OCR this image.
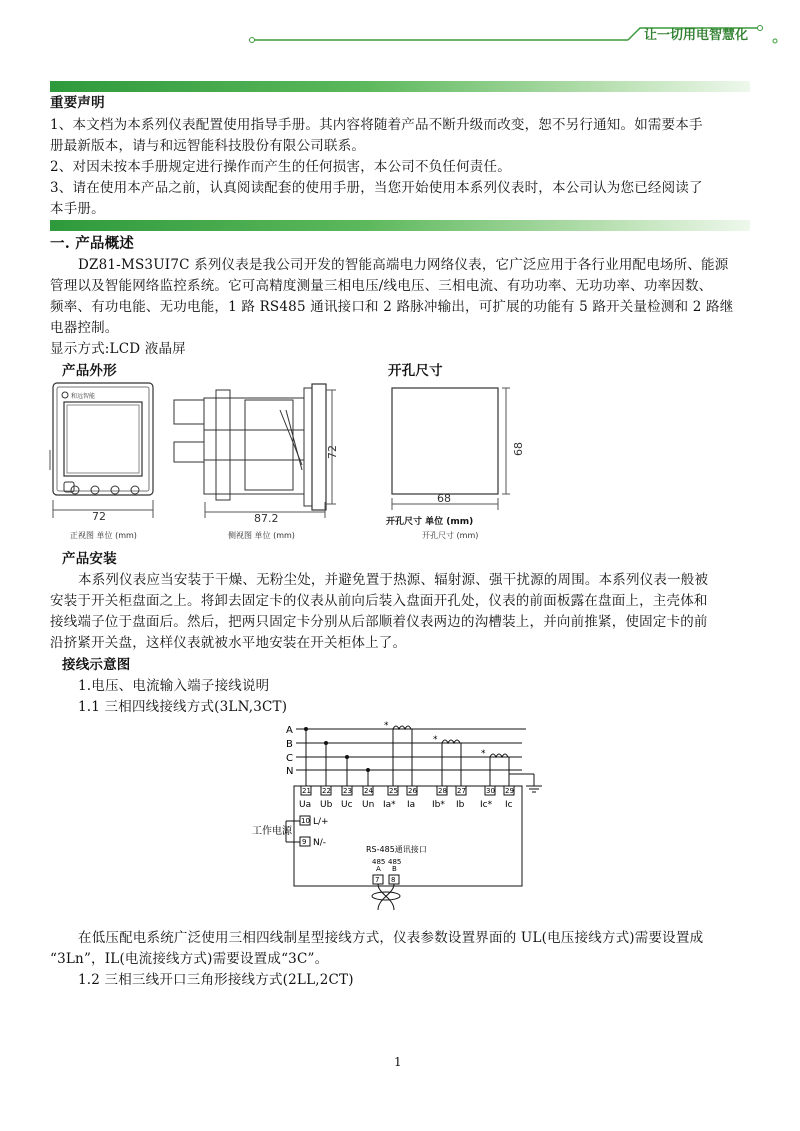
让一切用电智慧化
重要声明
1、本文档为本系列仪表配置使用指导手册。其内容将随着产品不断升级而改变，恕不另行通知。如需要本手
册最新版本，请与和远智能科技股份有限公司联系。
2、对因未按本手册规定进行操作而产生的任何损害，本公司不负任何责任。
3、请在使用本产品之前，认真阅读配套的使用手册，当您开始使用本系列仪表时，本公司认为您已经阅读了
本手册。
一. 产品概述
DZ81-MS3UI7C 系列仪表是我公司开发的智能高端电力网络仪表，它广泛应用于各行业用配电场所、能源
管理以及智能网络监控系统。它可高精度测量三相电压/线电压、三相电流、有功功率、无功功率、功率因数、
频率、有功电能、无功电能，1 路 RS485 通讯接口和 2 路脉冲输出，可扩展的功能有 5 路开关量检测和 2 路继
电器控制。
显示方式:LCD 液晶屏
产品外形	开孔尺寸
和远智能
72
正视图 单位 (mm)
72
87.2
侧视图 单位 (mm)
68
68
开孔尺寸 单位 (mm)
开孔尺寸 (mm)
产品安装
本系列仪表应当安装于干燥、无粉尘处，并避免置于热源、辐射源、强干扰源的周围。本系列仪表一般被
安装于开关柜盘面之上。将卸去固定卡的仪表从前向后装入盘面开孔处，仪表的前面板露在盘面上，主壳体和
接线端子位于盘面后。然后，把两只固定卡分别从后部顺着仪表两边的沟槽装上，并向前推紧，使固定卡的前
沿挤紧开关盘，这样仪表就被水平地安装在开关柜体上了。
接线示意图
1.电压、电流输入端子接线说明
1.1 三相四线接线方式(3LN,3CT)
A
B
C
N
*
*
*
21 22 23 24 25 26	28 27	30 29
Ua Ub Uc Un Ia* Ia Ib* Ib Ic* Ic
工作电源
10 L/+
9 N/-
RS-485通讯接口
485 485
A B
7 8
在低压配电系统广泛使用三相四线制星型接线方式，仪表参数设置界面的 UL(电压接线方式)需要设置成
“3Ln”，IL(电流接线方式)需要设置成“3C”。
1.2 三相三线开口三角形接线方式(2LL,2CT)
1
